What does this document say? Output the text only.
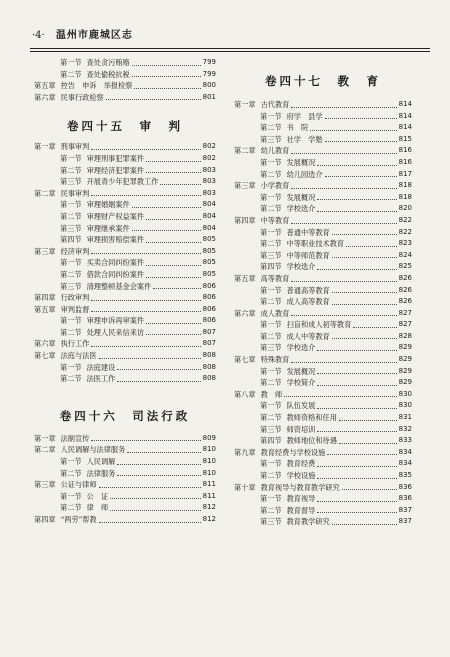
·4· 温州市鹿城区志
第一节 查处贪污贿赂	799
第二节 查处偷税抗税	799
第五章 控告　申诉　举报检察	800
第六章 民事行政检察	801
卷四十五　审　判
第一章 刑事审判	802
第一节 审理刑事犯罪案件	802
第二节 审理经济犯罪案件	803
第三节 开展青少年犯罪教工作	803
第二章 民事审判	803
第一节 审理婚姻案件	804
第二节 审理财产权益案件	804
第三节 审理继承案件	804
第四节 审理损害赔偿案件	805
第三章 经济审判	805
第一节 买卖合同纠纷案件	805
第二节 借款合同纠纷案件	805
第三节 清理整顿基金会案件	806
第四章 行政审判	806
第五章 审判监督	806
第一节 审理申诉再审案件	806
第二节 处理人民来信来访	807
第六章 执行工作	807
第七章 法庭与法医	808
第一节 法庭建设	808
第二节 法医工作	808
卷四十六　司法行政
第一章 法制宣传	809
第二章 人民调解与法律服务	810
第一节 人民调解	810
第二节 法律服务	810
第三章 公证与律师	811
第一节 公　证	811
第二节 律　师	812
第四章 “两劳”帮教	812
卷四十七　教　育
第一章 古代教育	814
第一节 府学　县学	814
第二节 书　院	814
第三节 社学　学塾	815
第二章 幼儿教育	816
第一节 发展概况	816
第二节 幼儿园选介	817
第三章 小学教育	818
第一节 发展概况	818
第二节 学校选介	820
第四章 中等教育	822
第一节 普通中等教育	822
第二节 中等职业技术教育	823
第三节 中等师范教育	824
第四节 学校选介	825
第五章 高等教育	826
第一节 普通高等教育	826
第二节 成人高等教育	826
第六章 成人教育	827
第一节 扫盲和成人初等教育	827
第二节 成人中等教育	828
第三节 学校选介	829
第七章 特殊教育	829
第一节 发展概况	829
第二节 学校简介	829
第八章 教　师	830
第一节 队伍发展	830
第二节 教师资格和任用	831
第三节 师资培训	832
第四节 教师地位和待遇	833
第九章 教育经费与学校设施	834
第一节 教育经费	834
第二节 学校设施	835
第十章 教育视导与教育教学研究	836
第一节 教育视导	836
第二节 教育督导	837
第三节 教育教学研究	837
